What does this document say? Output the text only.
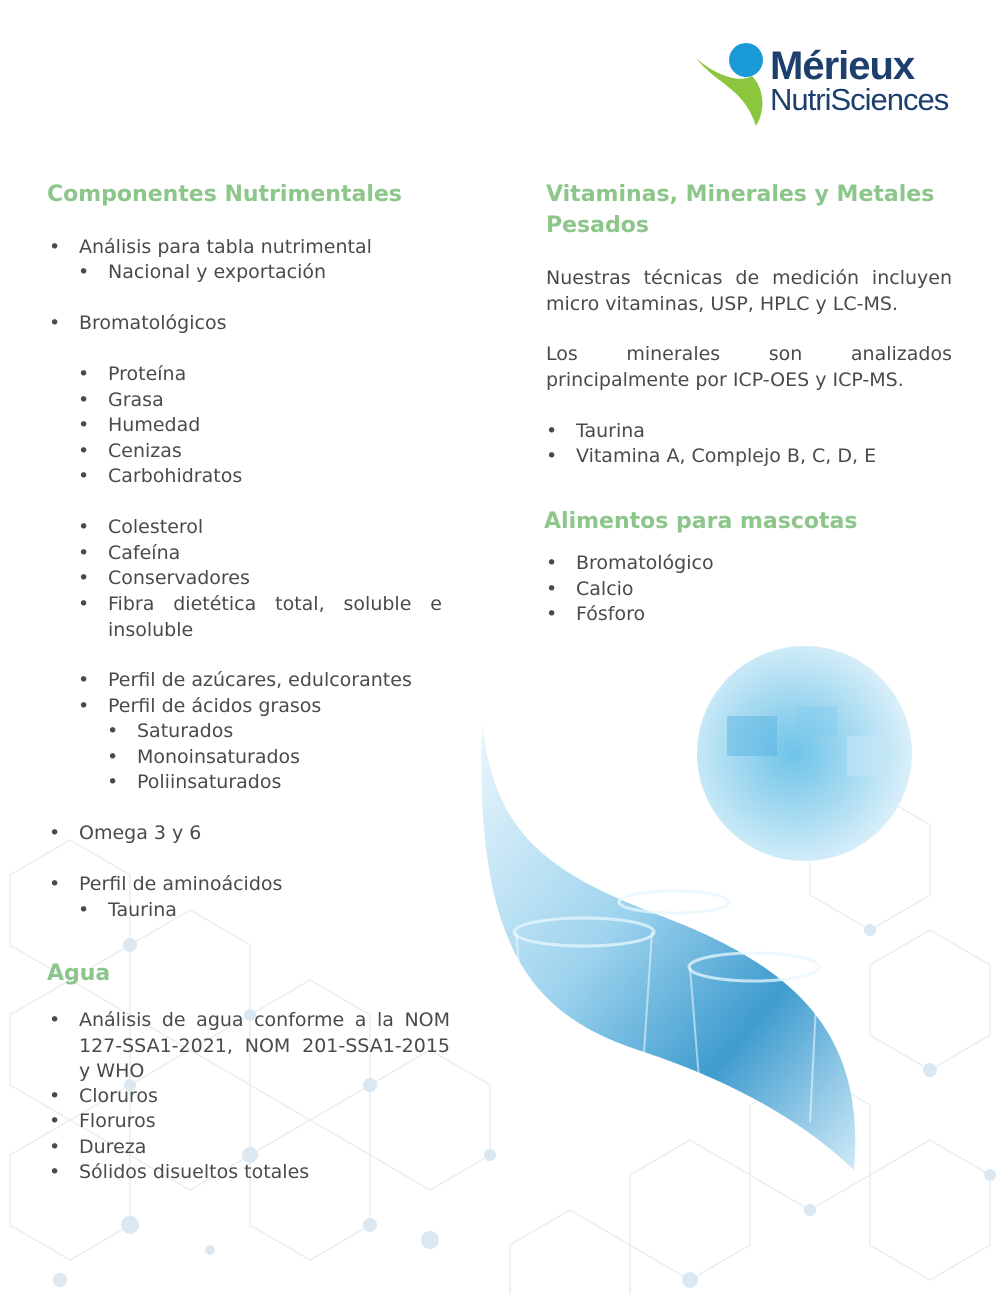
Mérieux
NutriSciences
Componentes Nutrimentales
• Análisis para tabla nutrimental
• Nacional y exportación
• Bromatológicos
• Proteína
• Grasa
• Humedad
• Cenizas
• Carbohidratos
• Colesterol
• Cafeína
• Conservadores
• Fibra dietética total, soluble e insoluble
• Perfil de azúcares, edulcorantes
• Perfil de ácidos grasos
• Saturados
• Monoinsaturados
• Poliinsaturados
• Omega 3 y 6
• Perfil de aminoácidos
• Taurina
Agua
• Análisis de agua conforme a la NOM 127-SSA1-2021, NOM 201-SSA1-2015 y WHO
• Cloruros
• Floruros
• Dureza
• Sólidos disueltos totales
Vitaminas, Minerales y Metales Pesados

Nuestras técnicas de medición incluyen micro vitaminas, USP, HPLC y LC-MS.

Los minerales son analizados principalmente por ICP-OES y ICP-MS.

• Taurina
• Vitamina A, Complejo B, C, D, E
Alimentos para mascotas
• Bromatológico
• Calcio
• Fósforo
